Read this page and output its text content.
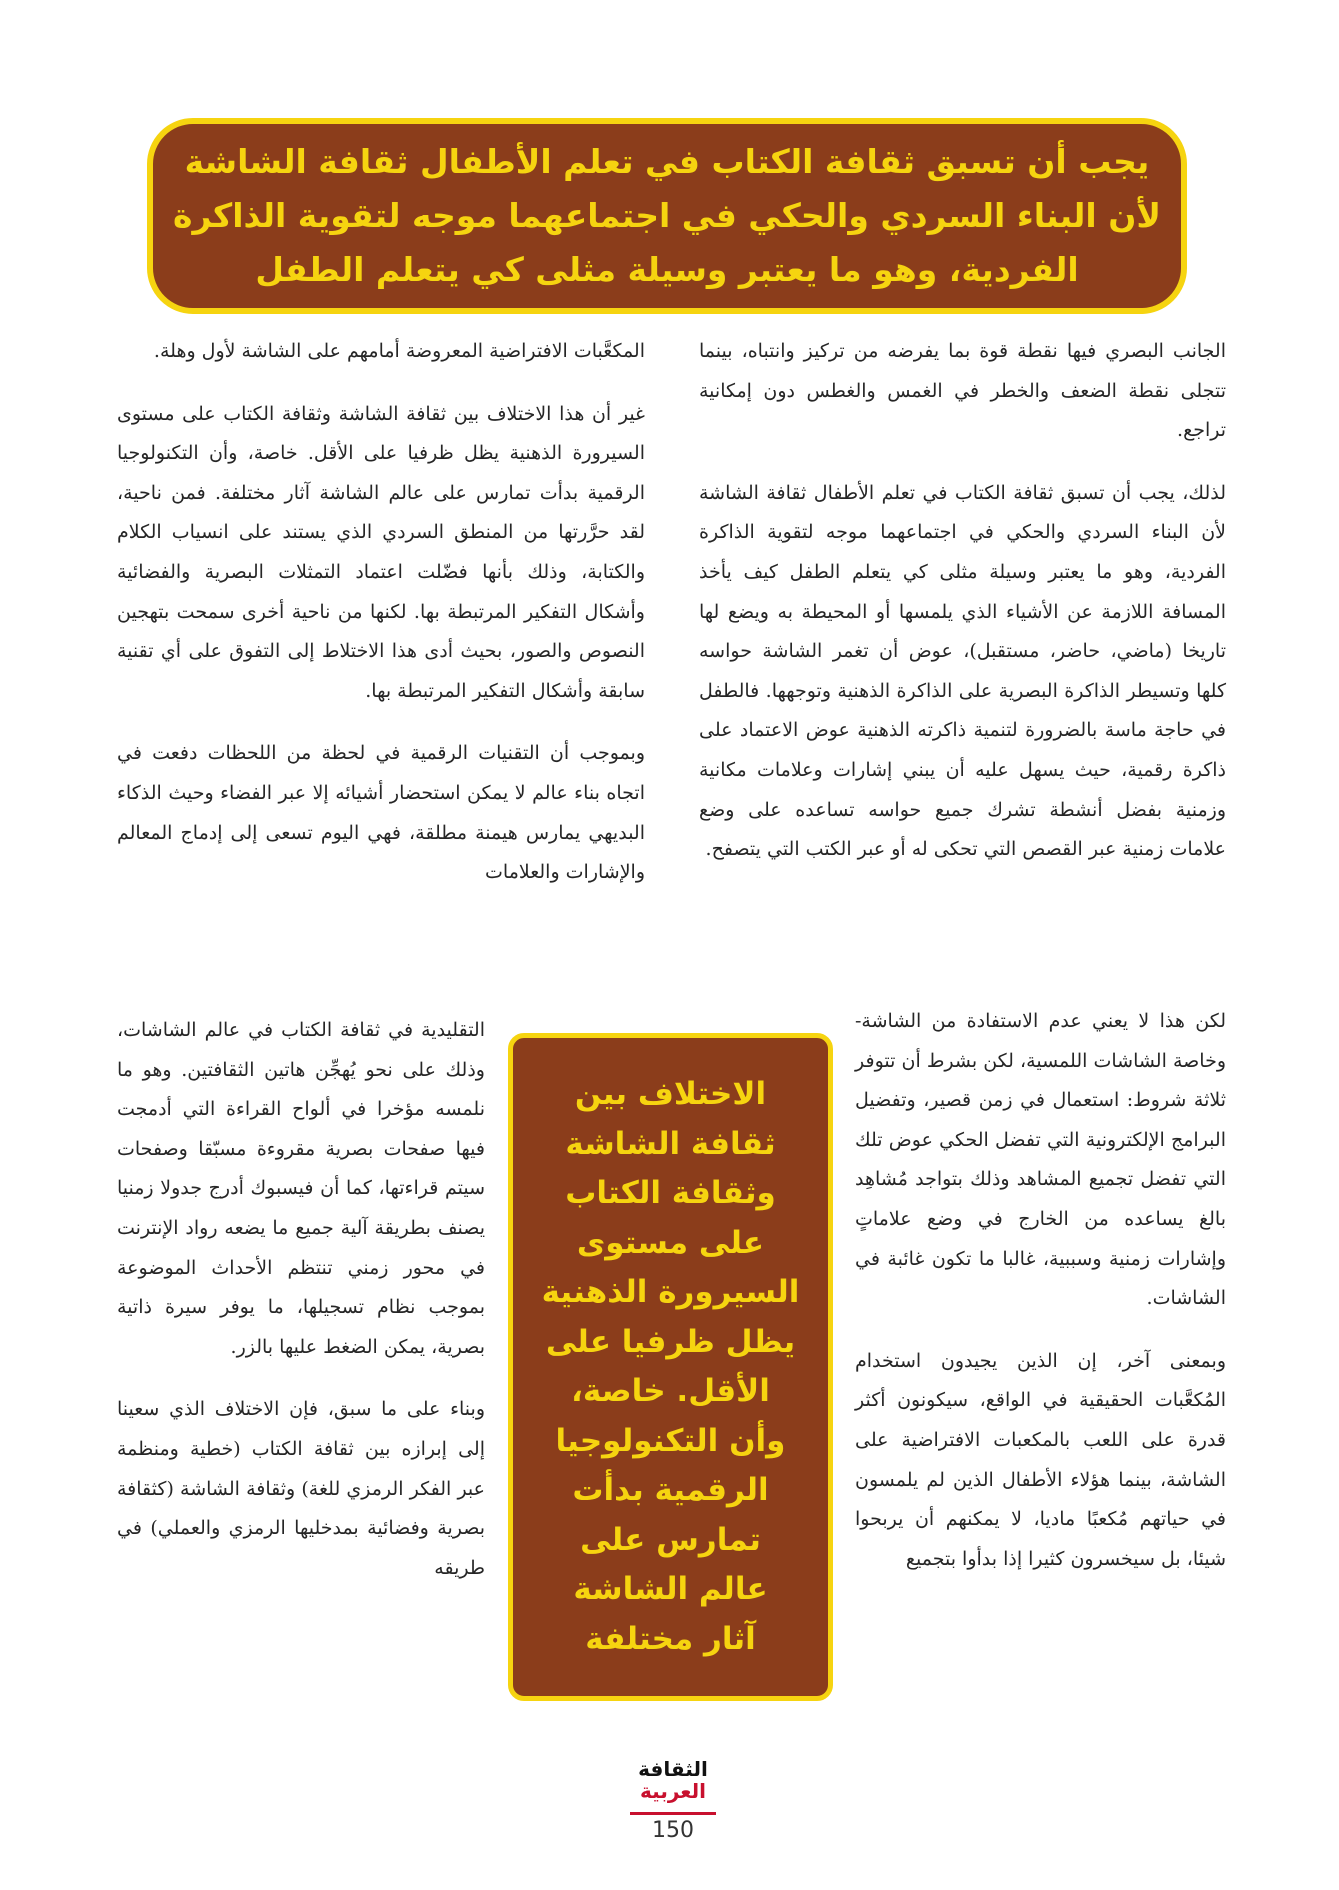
يجب أن تسبق ثقافة الكتاب في تعلم الأطفال ثقافة الشاشة
لأن البناء السردي والحكي في اجتماعهما موجه لتقوية الذاكرة
الفردية، وهو ما يعتبر وسيلة مثلى كي يتعلم الطفل

الجانب البصري فيها نقطة قوة بما يفرضه من تركيز وانتباه، بينما تتجلى نقطة الضعف والخطر في الغمس والغطس دون إمكانية تراجع.

لذلك، يجب أن تسبق ثقافة الكتاب في تعلم الأطفال ثقافة الشاشة لأن البناء السردي والحكي في اجتماعهما موجه لتقوية الذاكرة الفردية، وهو ما يعتبر وسيلة مثلى كي يتعلم الطفل كيف يأخذ المسافة اللازمة عن الأشياء الذي يلمسها أو المحيطة به ويضع لها تاريخا (ماضي، حاضر، مستقبل)، عوض أن تغمر الشاشة حواسه كلها وتسيطر الذاكرة البصرية على الذاكرة الذهنية وتوجهها. فالطفل في حاجة ماسة بالضرورة لتنمية ذاكرته الذهنية عوض الاعتماد على ذاكرة رقمية، حيث يسهل عليه أن يبني إشارات وعلامات مكانية وزمنية بفضل أنشطة تشرك جميع حواسه تساعده على وضع علامات زمنية عبر القصص التي تحكى له أو عبر الكتب التي يتصفح.

لكن هذا لا يعني عدم الاستفادة من الشاشة- وخاصة الشاشات اللمسية، لكن بشرط أن تتوفر ثلاثة شروط: استعمال في زمن قصير، وتفضيل البرامج الإلكترونية التي تفضل الحكي عوض تلك التي تفضل تجميع المشاهد وذلك بتواجد مُشاهِد بالغ يساعده من الخارج في وضع علاماتٍ وإشارات زمنية وسببية، غالبا ما تكون غائبة في الشاشات.

وبمعنى آخر، إن الذين يجيدون استخدام المُكعَّبات الحقيقية في الواقع، سيكونون أكثر قدرة على اللعب بالمكعبات الافتراضية على الشاشة، بينما هؤلاء الأطفال الذين لم يلمسون في حياتهم مُكعبًا ماديا، لا يمكنهم أن يربحوا شيئا، بل سيخسرون كثيرا إذا بدأوا بتجميع

المكعَّبات الافتراضية المعروضة أمامهم على الشاشة لأول وهلة.

غير أن هذا الاختلاف بين ثقافة الشاشة وثقافة الكتاب على مستوى السيرورة الذهنية يظل ظرفيا على الأقل. خاصة، وأن التكنولوجيا الرقمية بدأت تمارس على عالم الشاشة آثار مختلفة. فمن ناحية، لقد حرَّرتها من المنطق السردي الذي يستند على انسياب الكلام والكتابة، وذلك بأنها فضّلت اعتماد التمثلات البصرية والفضائية وأشكال التفكير المرتبطة بها. لكنها من ناحية أخرى سمحت بتهجين النصوص والصور، بحيث أدى هذا الاختلاط إلى التفوق على أي تقنية سابقة وأشكال التفكير المرتبطة بها.

وبموجب أن التقنيات الرقمية في لحظة من اللحظات دفعت في اتجاه بناء عالم لا يمكن استحضار أشيائه إلا عبر الفضاء وحيث الذكاء البديهي يمارس هيمنة مطلقة، فهي اليوم تسعى إلى إدماج المعالم والإشارات والعلامات

التقليدية في ثقافة الكتاب في عالم الشاشات، وذلك على نحو يُهجِّن هاتين الثقافتين. وهو ما نلمسه مؤخرا في ألواح القراءة التي أدمجت فيها صفحات بصرية مقروءة مسبّقا وصفحات سيتم قراءتها، كما أن فيسبوك أدرج جدولا زمنيا يصنف بطريقة آلية جميع ما يضعه رواد الإنترنت في محور زمني تنتظم الأحداث الموضوعة بموجب نظام تسجيلها، ما يوفر سيرة ذاتية بصرية، يمكن الضغط عليها بالزر.

وبناء على ما سبق، فإن الاختلاف الذي سعينا إلى إبرازه بين ثقافة الكتاب (خطية ومنظمة عبر الفكر الرمزي للغة) وثقافة الشاشة (كثقافة بصرية وفضائية بمدخليها الرمزي والعملي) في طريقه

الاختلاف بين
ثقافة الشاشة
وثقافة الكتاب
على مستوى
السيرورة الذهنية
يظل ظرفيا على
الأقل. خاصة،
وأن التكنولوجيا
الرقمية بدأت
تمارس على
عالم الشاشة
آثار مختلفة
الثقافة
العربية
150
